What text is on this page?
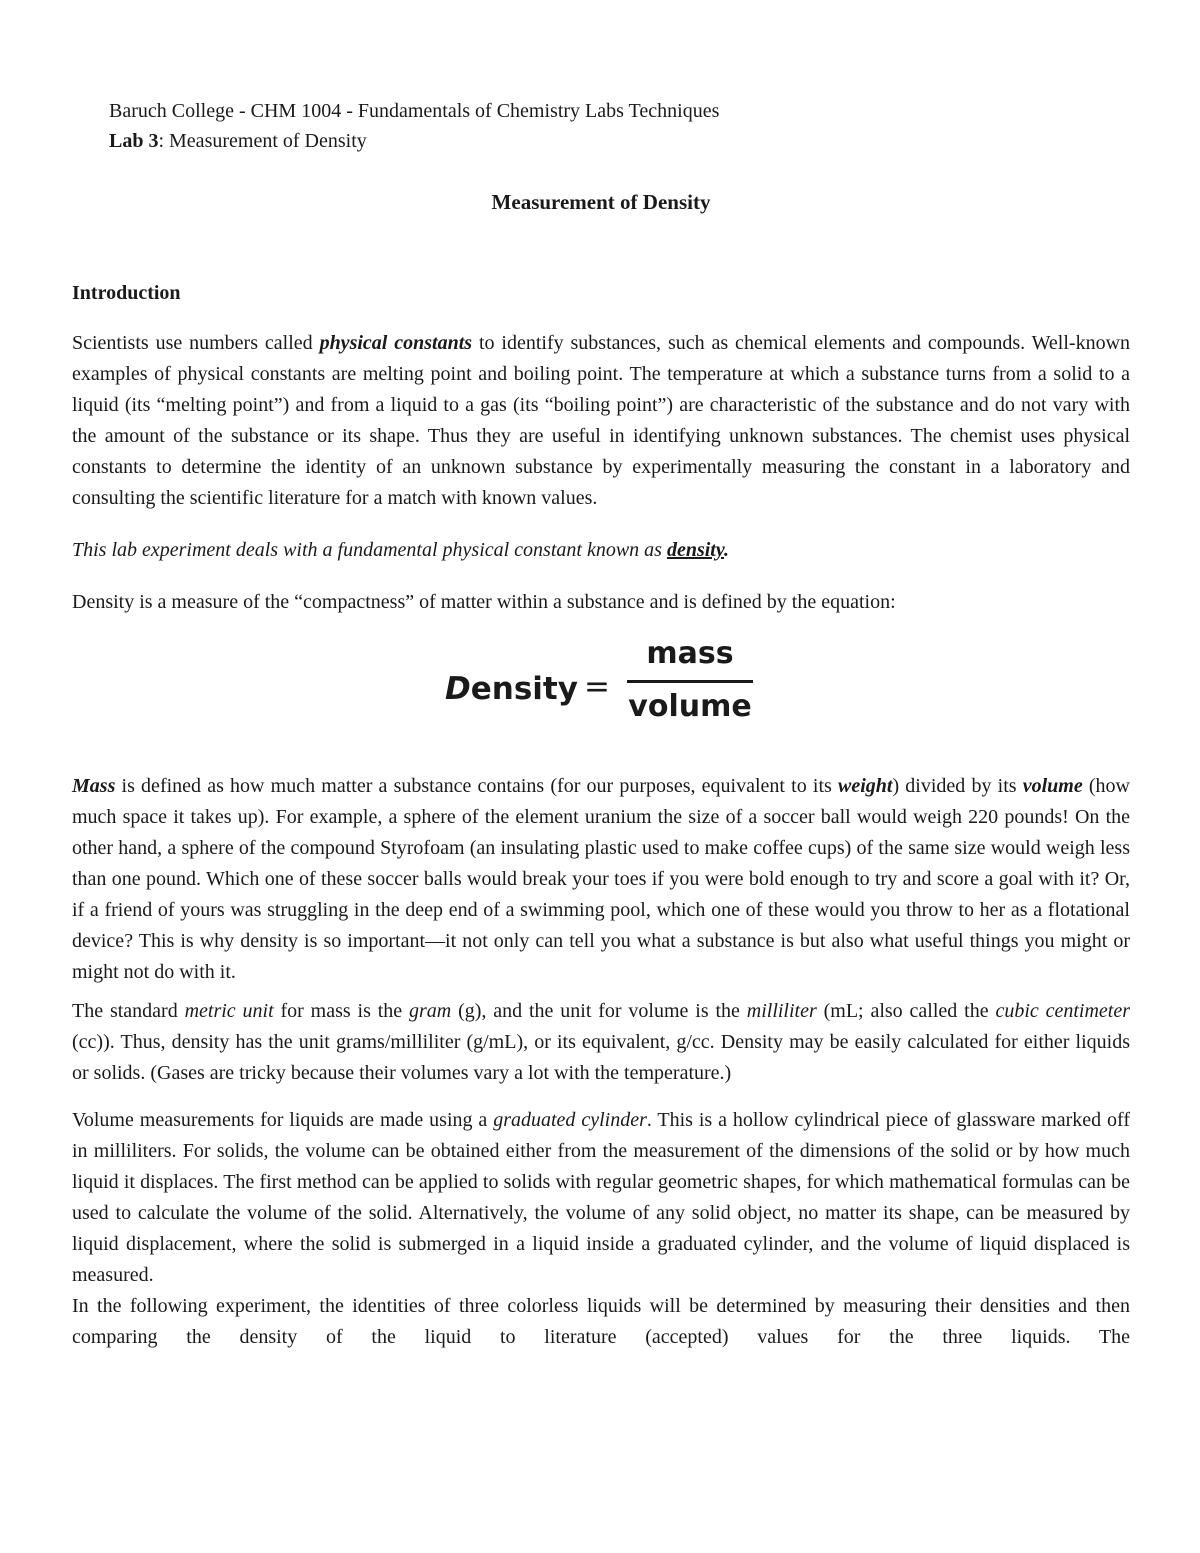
Baruch College - CHM 1004 - Fundamentals of Chemistry Labs Techniques
Lab 3: Measurement of Density
Measurement of Density
Introduction

Scientists use numbers called physical constants to identify substances, such as chemical elements and compounds. Well-known examples of physical constants are melting point and boiling point. The temperature at which a substance turns from a solid to a liquid (its “melting point”) and from a liquid to a gas (its “boiling point”) are characteristic of the substance and do not vary with the amount of the substance or its shape. Thus they are useful in identifying unknown substances. The chemist uses physical constants to determine the identity of an unknown substance by experimentally measuring the constant in a laboratory and consulting the scientific literature for a match with known values.

This lab experiment deals with a fundamental physical constant known as density.

Density is a measure of the “compactness” of matter within a substance and is defined by the equation:

Density =
mass
volume

Mass is defined as how much matter a substance contains (for our purposes, equivalent to its weight) divided by its volume (how much space it takes up). For example, a sphere of the element uranium the size of a soccer ball would weigh 220 pounds! On the other hand, a sphere of the compound Styrofoam (an insulating plastic used to make coffee cups) of the same size would weigh less than one pound. Which one of these soccer balls would break your toes if you were bold enough to try and score a goal with it? Or, if a friend of yours was struggling in the deep end of a swimming pool, which one of these would you throw to her as a flotational device? This is why density is so important—it not only can tell you what a substance is but also what useful things you might or might not do with it.

The standard metric unit for mass is the gram (g), and the unit for volume is the milliliter (mL; also called the cubic centimeter (cc)). Thus, density has the unit grams/milliliter (g/mL), or its equivalent, g/cc. Density may be easily calculated for either liquids or solids. (Gases are tricky because their volumes vary a lot with the temperature.)

Volume measurements for liquids are made using a graduated cylinder. This is a hollow cylindrical piece of glassware marked off in milliliters. For solids, the volume can be obtained either from the measurement of the dimensions of the solid or by how much liquid it displaces. The first method can be applied to solids with regular geometric shapes, for which mathematical formulas can be used to calculate the volume of the solid. Alternatively, the volume of any solid object, no matter its shape, can be measured by liquid displacement, where the solid is submerged in a liquid inside a graduated cylinder, and the volume of liquid displaced is measured.

In the following experiment, the identities of three colorless liquids will be determined by measuring their densities and then comparing the density of the liquid to literature (accepted) values for the three liquids. The
